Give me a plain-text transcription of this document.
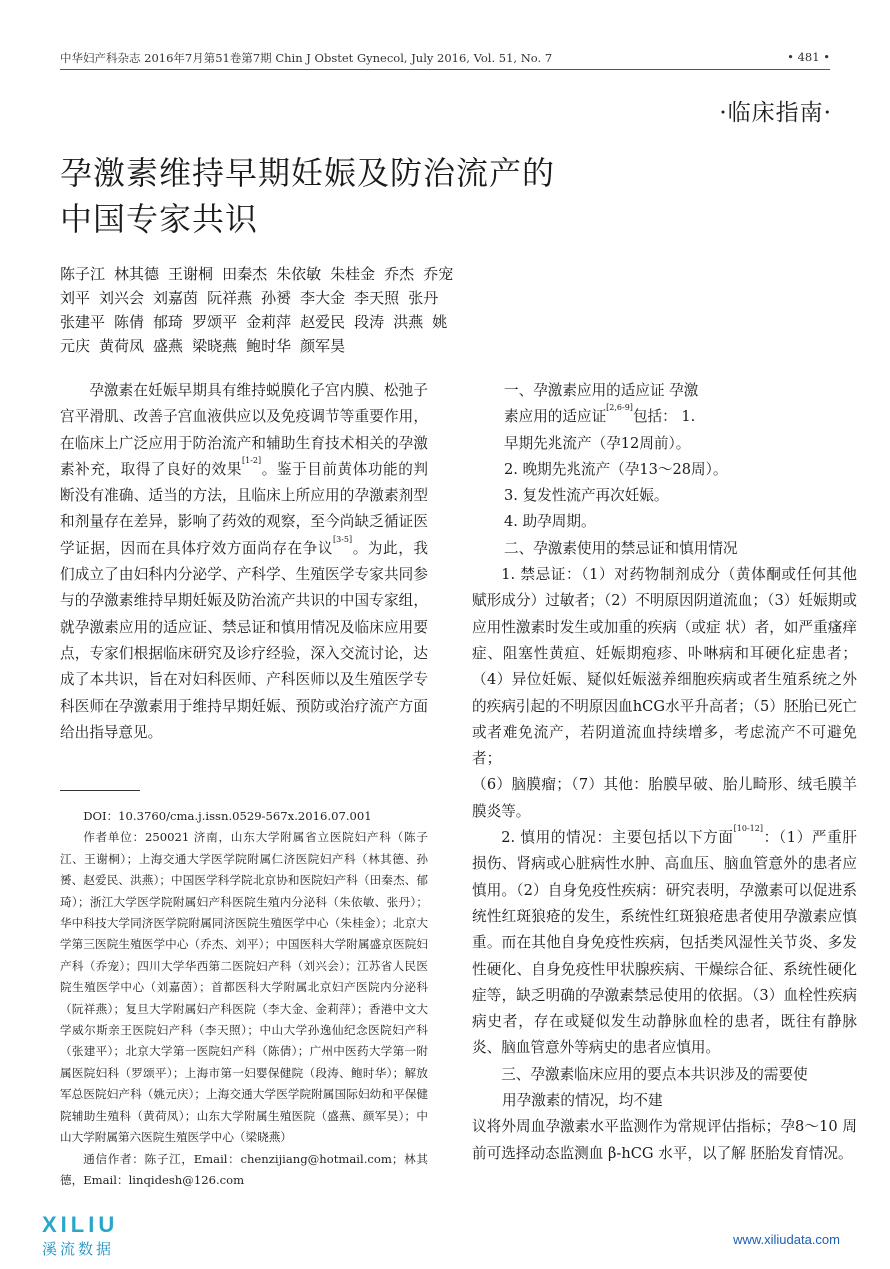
中华妇产科杂志 2016年7月第51卷第7期 Chin J Obstet Gynecol, July 2016, Vol. 51, No. 7	• 481 •
·临床指南·
孕激素维持早期妊娠及防治流产的
中国专家共识
陈子江 林其德 王谢桐 田秦杰 朱依敏 朱桂金 乔杰 乔宠
刘平 刘兴会 刘嘉茵 阮祥燕 孙赟 李大金 李天照 张丹
张建平 陈倩 郁琦 罗颂平 金莉萍 赵爱民 段涛 洪燕 姚
元庆 黄荷凤 盛燕 梁晓燕 鲍时华 颜军昊

孕激素在妊娠早期具有维持蜕膜化子宫内膜、松弛子宫平滑肌、改善子宫血液供应以及免疫调节等重要作用，在临床上广泛应用于防治流产和辅助生育技术相关的孕激素补充，取得了良好的效果[1-2]。鉴于目前黄体功能的判断没有准确、适当的方法，且临床上所应用的孕激素剂型和剂量存在差异，影响了药效的观察，至今尚缺乏循证医学证据，因而在具体疗效方面尚存在争议[3-5]。为此，我们成立了由妇科内分泌学、产科学、生殖医学专家共同参与的孕激素维持早期妊娠及防治流产共识的中国专家组，就孕激素应用的适应证、禁忌证和慎用情况及临床应用要点，专家们根据临床研究及诊疗经验，深入交流讨论，达成了本共识，旨在对妇科医师、产科医师以及生殖医学专科医师在孕激素用于维持早期妊娠、预防或治疗流产方面给出指导意见。

DOI：10.3760/cma.j.issn.0529-567x.2016.07.001

作者单位：250021 济南，山东大学附属省立医院妇产科（陈子江、王谢桐）；上海交通大学医学院附属仁济医院妇产科（林其德、孙赟、赵爱民、洪燕）；中国医学科学院北京协和医院妇产科（田秦杰、郁琦）；浙江大学医学院附属妇产科医院生殖内分泌科（朱依敏、张丹）；华中科技大学同济医学院附属同济医院生殖医学中心（朱桂金）；北京大学第三医院生殖医学中心（乔杰、刘平）；中国医科大学附属盛京医院妇产科（乔宠）；四川大学华西第二医院妇产科（刘兴会）；江苏省人民医院生殖医学中心（刘嘉茵）；首都医科大学附属北京妇产医院内分泌科（阮祥燕）；复旦大学附属妇产科医院（李大金、金莉萍）；香港中文大学威尔斯亲王医院妇产科（李天照）；中山大学孙逸仙纪念医院妇产科（张建平）；北京大学第一医院妇产科（陈倩）；广州中医药大学第一附属医院妇科（罗颂平）；上海市第一妇婴保健院（段涛、鲍时华）；解放军总医院妇产科（姚元庆）；上海交通大学医学院附属国际妇幼和平保健院辅助生殖科（黄荷凤）；山东大学附属生殖医院（盛燕、颜军昊）；中山大学附属第六医院生殖医学中心（梁晓燕）

通信作者：陈子江，Email：chenzijiang@hotmail.com；林其德，Email：linqidesh@126.com

一、孕激素应用的适应证 孕激

素应用的适应证[2,6-9]包括： 1.

早期先兆流产（孕12周前）。

2. 晚期先兆流产（孕13～28周）。

3. 复发性流产再次妊娠。

4. 助孕周期。

二、孕激素使用的禁忌证和慎用情况

1. 禁忌证：（1）对药物制剂成分（黄体酮或任何其他赋形成分）过敏者；（2）不明原因阴道流血；（3）妊娠期或应用性激素时发生或加重的疾病（或症 状）者，如严重瘙痒症、阻塞性黄疸、妊娠期疱疹、卟啉病和耳硬化症患者；（4）异位妊娠、疑似妊娠滋养细胞疾病或者生殖系统之外的疾病引起的不明原因血hCG水平升高者；（5）胚胎已死亡或者难免流产，若阴道流血持续增多，考虑流产不可避免者；

（6）脑膜瘤；（7）其他：胎膜早破、胎儿畸形、绒毛膜羊膜炎等。

2. 慎用的情况：主要包括以下方面[10-12]：（1）严重肝损伤、肾病或心脏病性水肿、高血压、脑血管意外的患者应慎用。（2）自身免疫性疾病：研究表明，孕激素可以促进系统性红斑狼疮的发生，系统性红斑狼疮患者使用孕激素应慎重。而在其他自身免疫性疾病，包括类风湿性关节炎、多发性硬化、自身免疫性甲状腺疾病、干燥综合征、系统性硬化症等，缺乏明确的孕激素禁忌使用的依据。（3）血栓性疾病病史者，存在或疑似发生动静脉血栓的患者，既往有静脉炎、脑血管意外等病史的患者应慎用。

三、孕激素临床应用的要点本共识涉及的需要使

用孕激素的情况，均不建

议将外周血孕激素水平监测作为常规评估指标；孕8～10 周前可选择动态监测血 β-hCG 水平，以了解 胚胎发育情况。

XILIU
溪流数据
www.xiliudata.com
